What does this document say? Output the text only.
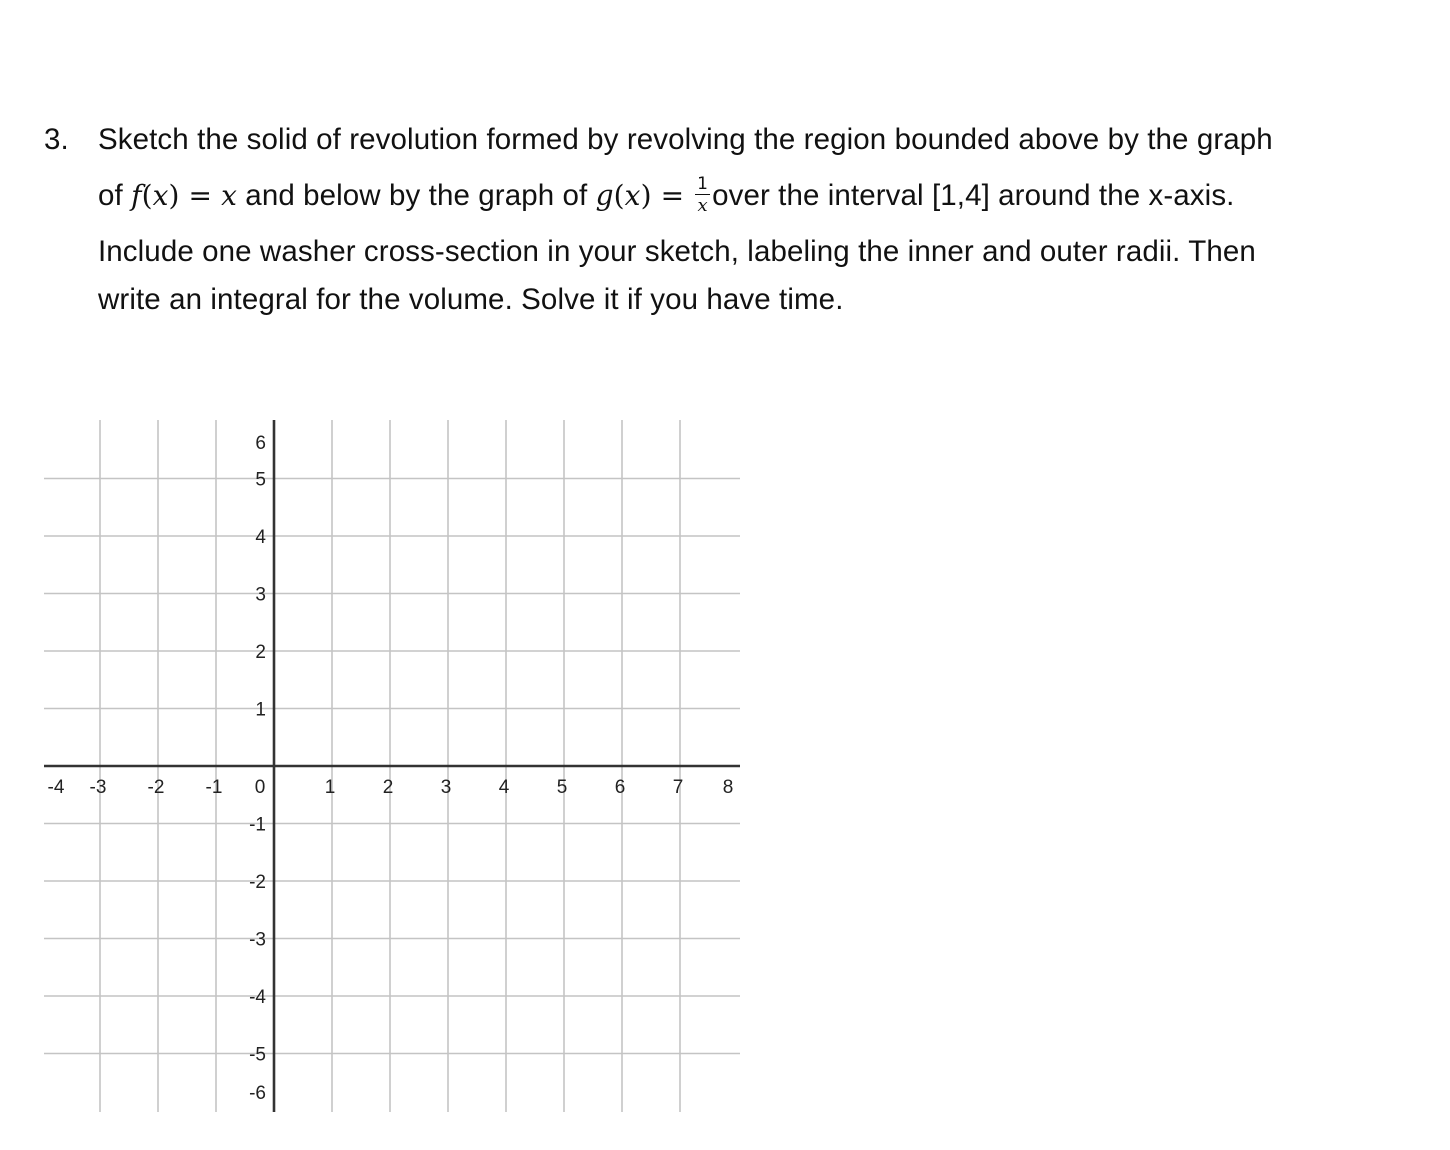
3. Sketch the solid of revolution formed by revolving the region bounded above by the graph
of f(x) = x and below by the graph of $g(x) = \frac{1}{x}$ over the interval [1,4] around the x-axis.
Include one washer cross-section in your sketch, labeling the inner and outer radii. Then
write an integral for the volume. Solve it if you have time.
-4 -3 -2 -1 0	1 2 3 4 5 6 7 8
6
5
4
3
2
1
-1
-2
-3
-4
-5
-6
